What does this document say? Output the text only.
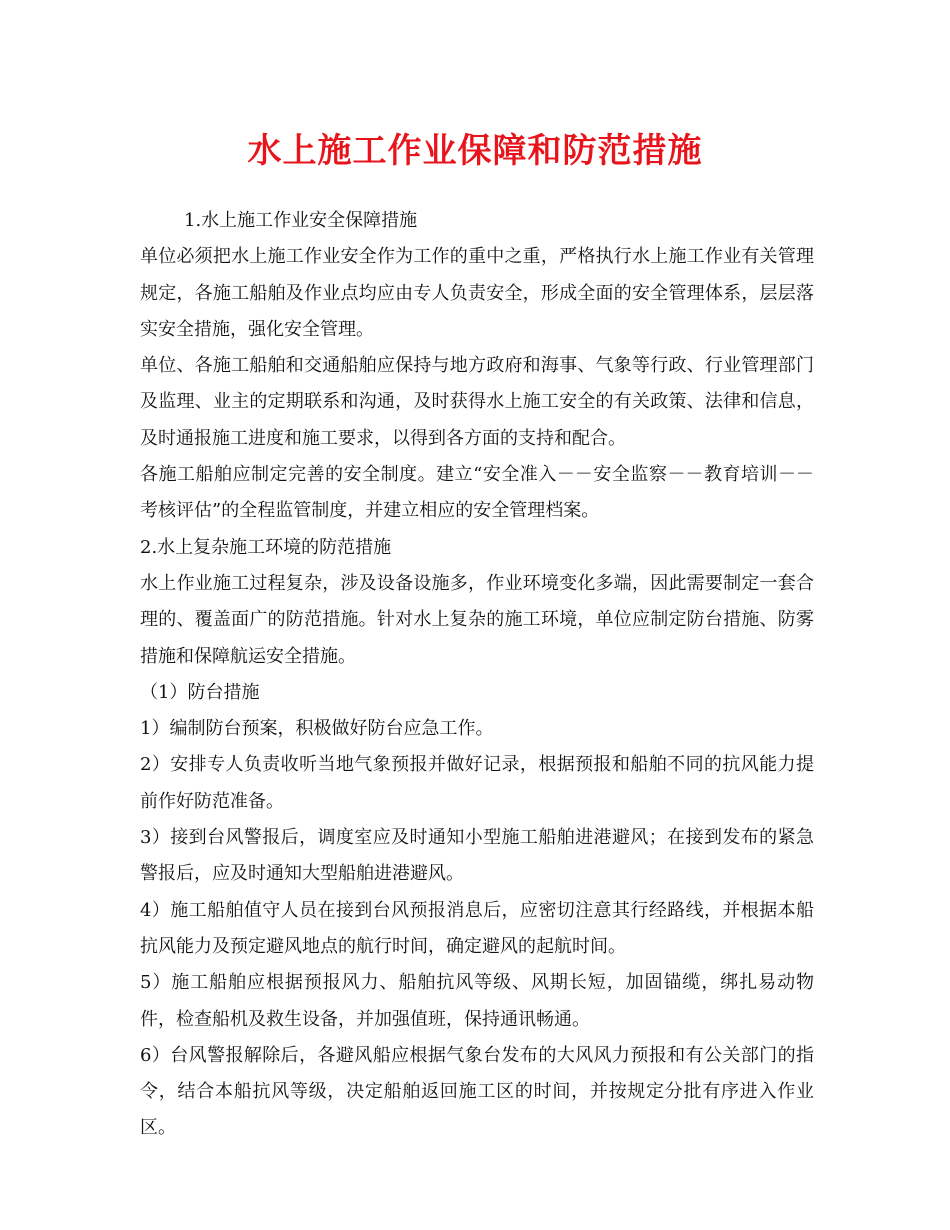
水上施工作业保障和防范措施

1.水上施工作业安全保障措施

单位必须把水上施工作业安全作为工作的重中之重，严格执行水上施工作业有关管理规定，各施工船舶及作业点均应由专人负责安全，形成全面的安全管理体系，层层落实安全措施，强化安全管理。

单位、各施工船舶和交通船舶应保持与地方政府和海事、气象等行政、行业管理部门及监理、业主的定期联系和沟通，及时获得水上施工安全的有关政策、法律和信息，及时通报施工进度和施工要求，以得到各方面的支持和配合。

各施工船舶应制定完善的安全制度。建立“安全准入－－安全监察－－教育培训－－考核评估”的全程监管制度，并建立相应的安全管理档案。

2.水上复杂施工环境的防范措施

水上作业施工过程复杂，涉及设备设施多，作业环境变化多端，因此需要制定一套合理的、覆盖面广的防范措施。针对水上复杂的施工环境，单位应制定防台措施、防雾措施和保障航运安全措施。

（1）防台措施

1）编制防台预案，积极做好防台应急工作。

2）安排专人负责收听当地气象预报并做好记录，根据预报和船舶不同的抗风能力提前作好防范准备。

3）接到台风警报后，调度室应及时通知小型施工船舶进港避风；在接到发布的紧急警报后，应及时通知大型船舶进港避风。

4）施工船舶值守人员在接到台风预报消息后，应密切注意其行经路线，并根据本船抗风能力及预定避风地点的航行时间，确定避风的起航时间。

5）施工船舶应根据预报风力、船舶抗风等级、风期长短，加固锚缆，绑扎易动物件，检查船机及救生设备，并加强值班，保持通讯畅通。

6）台风警报解除后，各避风船应根据气象台发布的大风风力预报和有公关部门的指令，结合本船抗风等级，决定船舶返回施工区的时间，并按规定分批有序进入作业区。
